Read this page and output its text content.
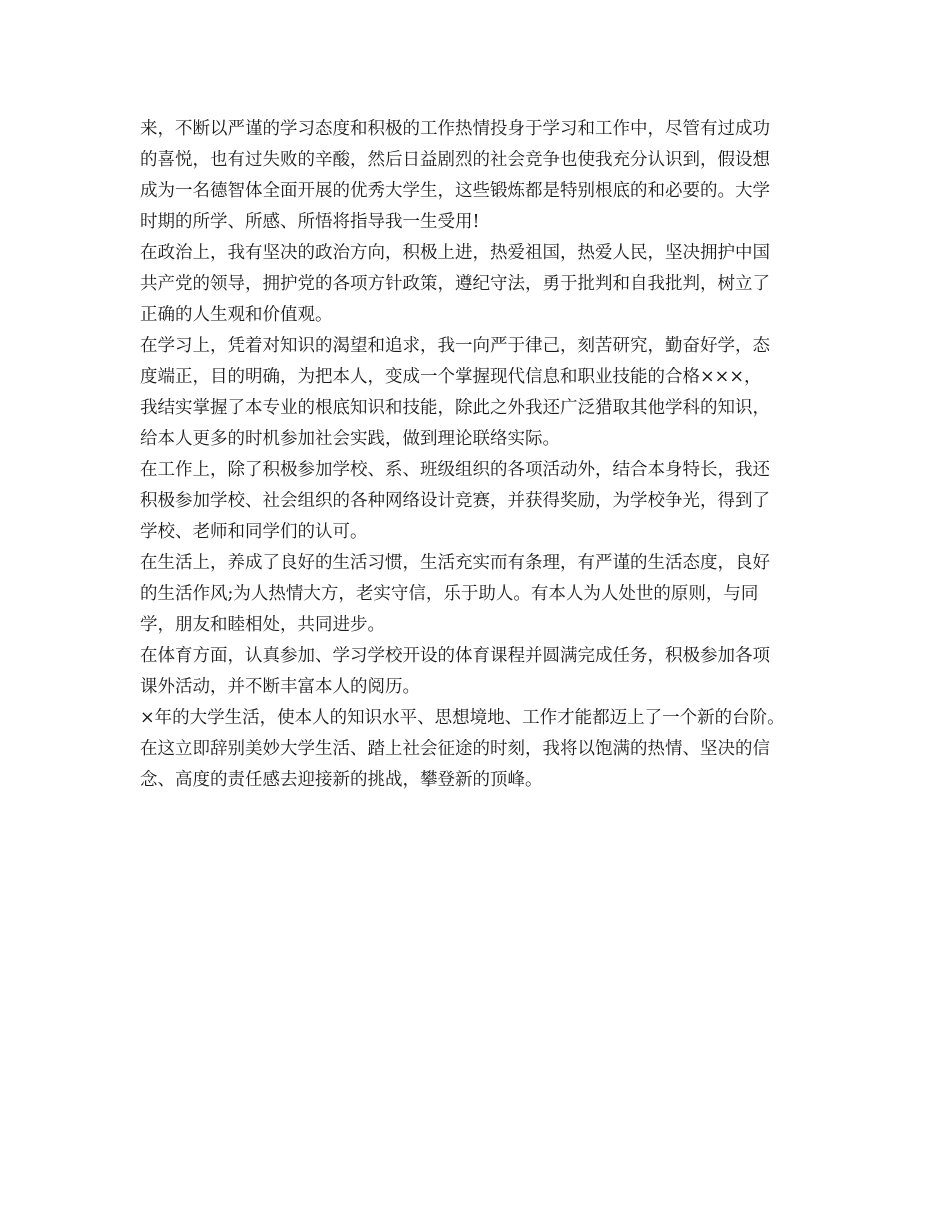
来，不断以严谨的学习态度和积极的工作热情投身于学习和工作中，尽管有过成功
的喜悦，也有过失败的辛酸，然后日益剧烈的社会竞争也使我充分认识到，假设想
成为一名德智体全面开展的优秀大学生，这些锻炼都是特别根底的和必要的。大学
时期的所学、所感、所悟将指导我一生受用!
在政治上，我有坚决的政治方向，积极上进，热爱祖国，热爱人民，坚决拥护中国
共产党的领导，拥护党的各项方针政策，遵纪守法，勇于批判和自我批判，树立了
正确的人生观和价值观。
在学习上，凭着对知识的渴望和追求，我一向严于律己，刻苦研究，勤奋好学，态
度端正，目的明确，为把本人，变成一个掌握现代信息和职业技能的合格×××，
我结实掌握了本专业的根底知识和技能，除此之外我还广泛猎取其他学科的知识，
给本人更多的时机参加社会实践，做到理论联络实际。
在工作上，除了积极参加学校、系、班级组织的各项活动外，结合本身特长，我还
积极参加学校、社会组织的各种网络设计竞赛，并获得奖励，为学校争光，得到了
学校、老师和同学们的认可。
在生活上，养成了良好的生活习惯，生活充实而有条理，有严谨的生活态度，良好
的生活作风;为人热情大方，老实守信，乐于助人。有本人为人处世的原则，与同
学，朋友和睦相处，共同进步。
在体育方面，认真参加、学习学校开设的体育课程并圆满完成任务，积极参加各项
课外活动，并不断丰富本人的阅历。
×年的大学生活，使本人的知识水平、思想境地、工作才能都迈上了一个新的台阶。
在这立即辞别美妙大学生活、踏上社会征途的时刻，我将以饱满的热情、坚决的信
念、高度的责任感去迎接新的挑战，攀登新的顶峰。
